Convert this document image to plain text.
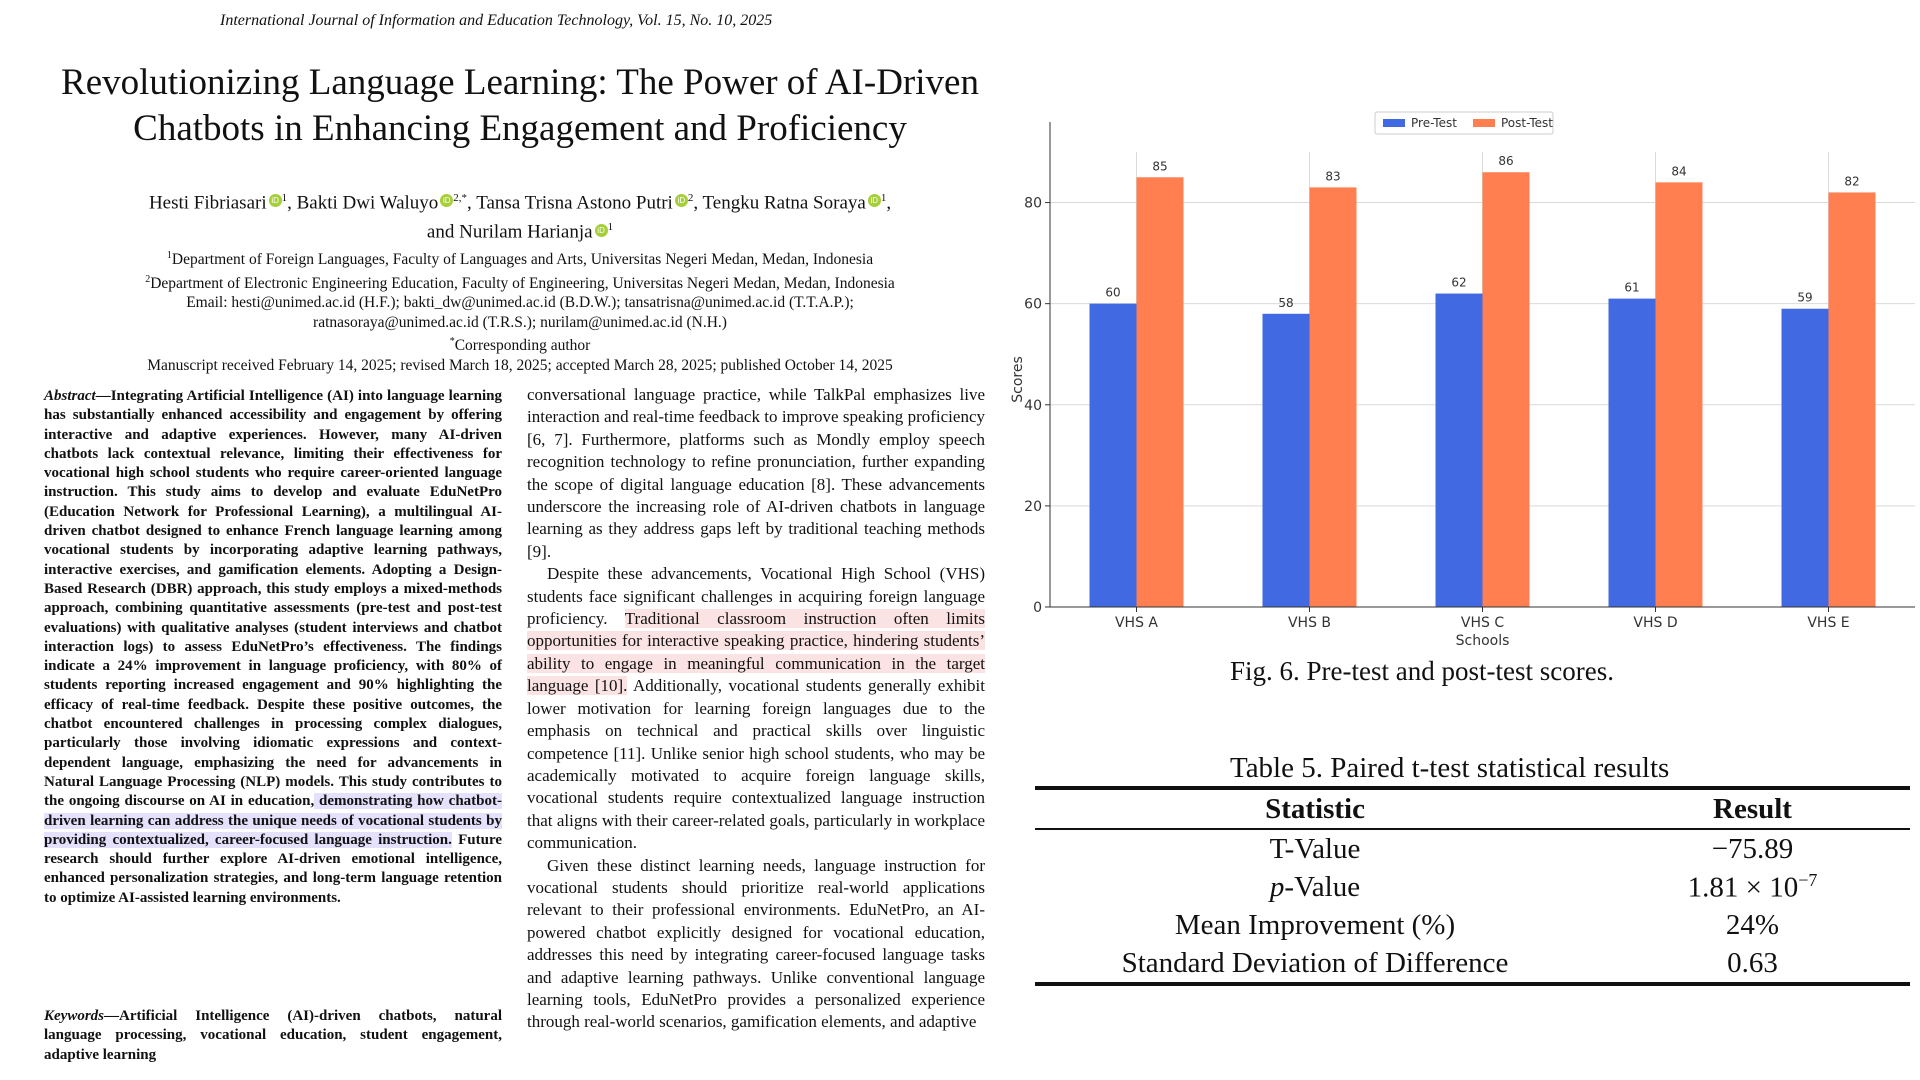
International Journal of Information and Education Technology, Vol. 15, No. 10, 2025
Revolutionizing Language Learning: The Power of AI-Driven
Chatbots in Enhancing Engagement and Proficiency
Hesti Fibriasari iD $^1$, Bakti Dwi Waluyo iD $^{2,*}$, Tansa Trisna Astono Putri iD $^2$, Tengku Ratna Soraya iD $^1$,
and Nurilam Harianja iD $^1$
$^1$Department of Foreign Languages, Faculty of Languages and Arts, Universitas Negeri Medan, Medan, Indonesia
$^2$Department of Electronic Engineering Education, Faculty of Engineering, Universitas Negeri Medan, Medan, Indonesia
Email: hesti@unimed.ac.id (H.F.); bakti_dw@unimed.ac.id (B.D.W.); tansatrisna@unimed.ac.id (T.T.A.P.);
ratnasoraya@unimed.ac.id (T.R.S.); nurilam@unimed.ac.id (N.H.)
*Corresponding author
Manuscript received February 14, 2025; revised March 18, 2025; accepted March 28, 2025; published October 14, 2025
Abstract—Integrating Artificial Intelligence (AI) into language learning has substantially enhanced accessibility and engagement by offering interactive and adaptive experiences. However, many AI-driven chatbots lack contextual relevance, limiting their effectiveness for vocational high school students who require career-oriented language instruction. This study aims to develop and evaluate EduNetPro (Education Network for Professional Learning), a multilingual AI-driven chatbot designed to enhance French language learning among vocational students by incorporating adaptive learning pathways, interactive exercises, and gamification elements. Adopting a Design-Based Research (DBR) approach, this study employs a mixed-methods approach, combining quantitative assessments (pre-test and post-test evaluations) with qualitative analyses (student interviews and chatbot interaction logs) to assess EduNetPro’s effectiveness. The findings indicate a 24% improvement in language proficiency, with 80% of students reporting increased engagement and 90% highlighting the efficacy of real-time feedback. Despite these positive outcomes, the chatbot encountered challenges in processing complex dialogues, particularly those involving idiomatic expressions and context-dependent language, emphasizing the need for advancements in Natural Language Processing (NLP) models. This study contributes to the ongoing discourse on AI in education, demonstrating how chatbot-driven learning can address the unique needs of vocational students by providing contextualized, career-focused language instruction. Future research should further explore AI-driven emotional intelligence, enhanced personalization strategies, and long-term language retention to optimize AI-assisted learning environments.
Keywords—Artificial Intelligence (AI)-driven chatbots, natural language processing, vocational education, student engagement, adaptive learning

conversational language practice, while TalkPal emphasizes live interaction and real-time feedback to improve speaking proficiency [6, 7]. Furthermore, platforms such as Mondly employ speech recognition technology to refine pronunciation, further expanding the scope of digital language education [8]. These advancements underscore the increasing role of AI-driven chatbots in language learning as they address gaps left by traditional teaching methods [9].

Despite these advancements, Vocational High School (VHS) students face significant challenges in acquiring foreign language proficiency. Traditional classroom instruction often limits opportunities for interactive speaking practice, hindering students’ ability to engage in meaningful communication in the target language [10]. Additionally, vocational students generally exhibit lower motivation for learning foreign languages due to the emphasis on technical and practical skills over linguistic competence [11]. Unlike senior high school students, who may be academically motivated to acquire foreign language skills, vocational students require contextualized language instruction that aligns with their career-related goals, particularly in workplace communication.

Given these distinct learning needs, language instruction for vocational students should prioritize real-world applications relevant to their professional environments. EduNetPro, an AI-powered chatbot explicitly designed for vocational education, addresses this need by integrating career-focused language tasks and adaptive learning pathways. Unlike conventional language learning tools, EduNetPro provides a personalized experience through real-world scenarios, gamification elements, and adaptive

0
20
40
60
80
60
85
VHS A
58
83
VHS B
62
86
VHS C
61
84
VHS D
59
82
VHS E
Schools
Scores
Pre-Test	Post-Test
Fig. 6. Pre-test and post-test scores.
Table 5. Paired t-test statistical results
Statistic	Result
T-Value	−75.89
p-Value	$1.81 \times 10^{-7}$
Mean Improvement (%)	24%
Standard Deviation of Difference	0.63
